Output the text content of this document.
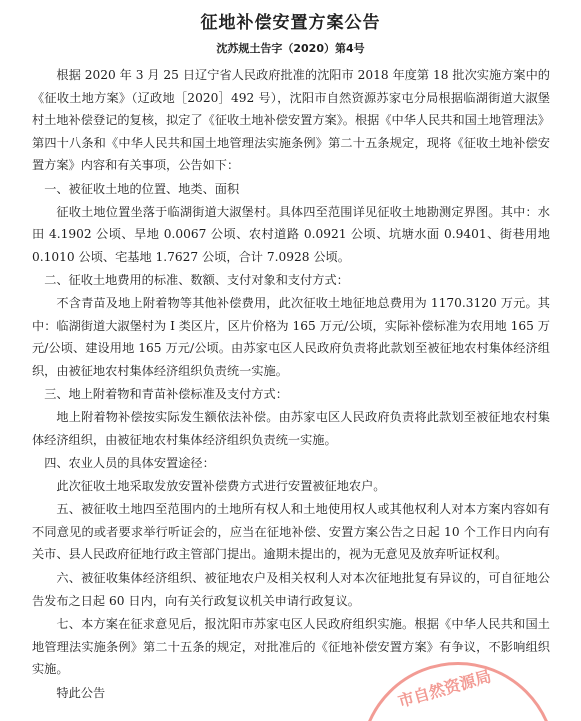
征地补偿安置方案公告
沈苏规土告字（2020）第4号

根据 2020 年 3 月 25 日辽宁省人民政府批准的沈阳市 2018 年度第 18 批次实施方案中的《征收土地方案》（辽政地［2020］492 号），沈阳市自然资源苏家屯分局根据临湖街道大淑堡村土地补偿登记的复核，拟定了《征收土地补偿安置方案》。根据《中华人民共和国土地管理法》第四十八条和《中华人民共和国土地管理法实施条例》第二十五条规定，现将《征收土地补偿安置方案》内容和有关事项，公告如下：

一、被征收土地的位置、地类、面积

征收土地位置坐落于临湖街道大淑堡村。具体四至范围详见征收土地勘测定界图。其中：水田 4.1902 公顷、旱地 0.0067 公顷、农村道路 0.0921 公顷、坑塘水面 0.9401、街巷用地 0.1010 公顷、宅基地 1.7627 公顷，合计 7.0928 公顷。

二、征收土地费用的标准、数额、支付对象和支付方式：

不含青苗及地上附着物等其他补偿费用，此次征收土地征地总费用为 1170.3120 万元。其中：临湖街道大淑堡村为 I 类区片，区片价格为 165 万元/公顷，实际补偿标准为农用地 165 万元/公顷、建设用地 165 万元/公顷。由苏家屯区人民政府负责将此款划至被征地农村集体经济组织，由被征地农村集体经济组织负责统一实施。

三、地上附着物和青苗补偿标准及支付方式：

地上附着物补偿按实际发生额依法补偿。由苏家屯区人民政府负责将此款划至被征地农村集体经济组织，由被征地农村集体经济组织负责统一实施。

四、农业人员的具体安置途径：

此次征收土地采取发放安置补偿费方式进行安置被征地农户。

五、被征收土地四至范围内的土地所有权人和土地使用权人或其他权利人对本方案内容如有不同意见的或者要求举行听证会的，应当在征地补偿、安置方案公告之日起 10 个工作日内向有关市、县人民政府征地行政主管部门提出。逾期未提出的，视为无意见及放弃听证权利。

六、被征收集体经济组织、被征地农户及相关权利人对本次征地批复有异议的，可自征地公告发布之日起 60 日内，向有关行政复议机关申请行政复议。

七、本方案在征求意见后，报沈阳市苏家屯区人民政府组织实施。根据《中华人民共和国土地管理法实施条例》第二十五条的规定，对批准后的《征地补偿安置方案》有争议，不影响组织实施。

特此公告	市自然资源局
